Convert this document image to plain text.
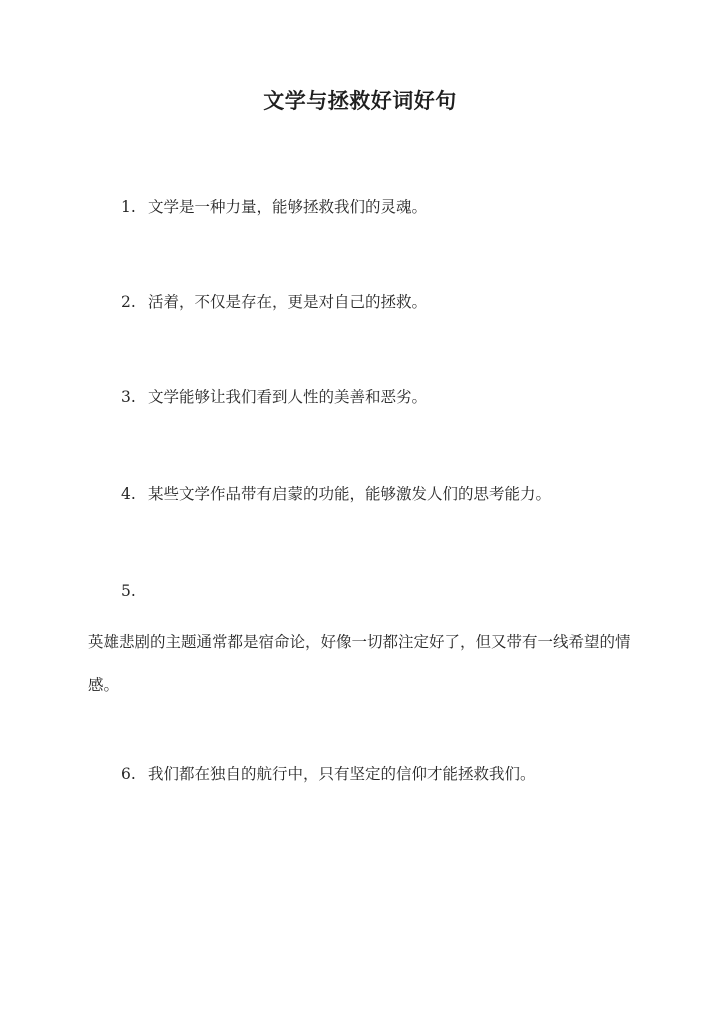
文学与拯救好词好句
1. 文学是一种力量，能够拯救我们的灵魂。
2. 活着，不仅是存在，更是对自己的拯救。
3. 文学能够让我们看到人性的美善和恶劣。
4. 某些文学作品带有启蒙的功能，能够激发人们的思考能力。
5.
英雄悲剧的主题通常都是宿命论，好像一切都注定好了，但又带有一线希望的情感。
6. 我们都在独自的航行中，只有坚定的信仰才能拯救我们。
